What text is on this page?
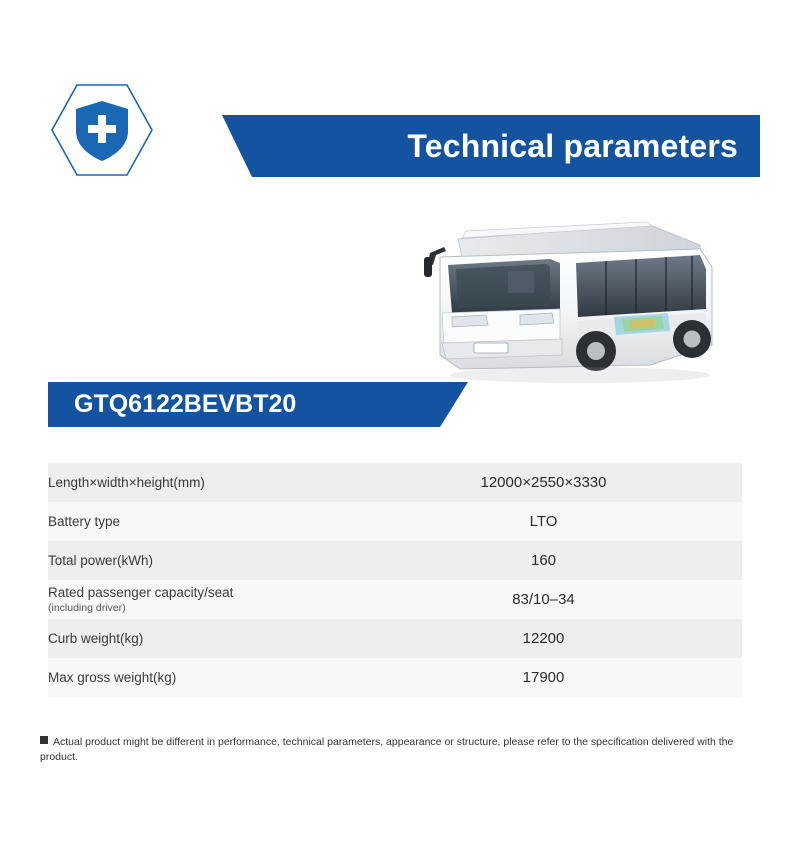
Technical parameters
GTQ6122BEVBT20
Length×width×height(mm)	12000×2550×3330
Battery type	LTO
Total power(kWh)	160
Rated passenger capacity/seat
(including driver)	83/10–34
Curb weight(kg)	12200
Max gross weight(kg)	17900
Actual product might be different in performance, technical parameters, appearance or structure, please refer to the specification delivered with the product.
